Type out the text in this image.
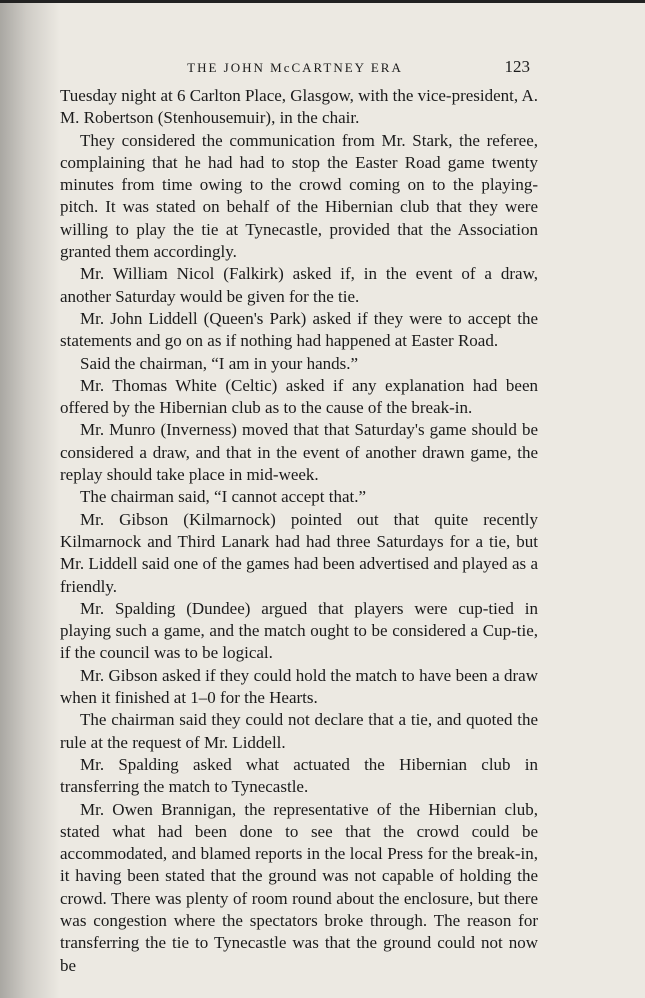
THE JOHN McCARTNEY ERA	123

Tuesday night at 6 Carlton Place, Glasgow, with the vice-president, A. M. Robertson (Stenhousemuir), in the chair.

They considered the communication from Mr. Stark, the referee, complaining that he had had to stop the Easter Road game twenty minutes from time owing to the crowd coming on to the playing-pitch. It was stated on behalf of the Hibernian club that they were willing to play the tie at Tynecastle, provided that the Association granted them accordingly.

Mr. William Nicol (Falkirk) asked if, in the event of a draw, another Saturday would be given for the tie.

Mr. John Liddell (Queen's Park) asked if they were to accept the statements and go on as if nothing had happened at Easter Road.

Said the chairman, “I am in your hands.”

Mr. Thomas White (Celtic) asked if any explanation had been offered by the Hibernian club as to the cause of the break-in.

Mr. Munro (Inverness) moved that that Saturday's game should be considered a draw, and that in the event of another drawn game, the replay should take place in mid-week.

The chairman said, “I cannot accept that.”

Mr. Gibson (Kilmarnock) pointed out that quite recently Kilmarnock and Third Lanark had had three Saturdays for a tie, but Mr. Liddell said one of the games had been advertised and played as a friendly.

Mr. Spalding (Dundee) argued that players were cup-tied in playing such a game, and the match ought to be considered a Cup-tie, if the council was to be logical.

Mr. Gibson asked if they could hold the match to have been a draw when it finished at 1–0 for the Hearts.

The chairman said they could not declare that a tie, and quoted the rule at the request of Mr. Liddell.

Mr. Spalding asked what actuated the Hibernian club in transferring the match to Tynecastle.

Mr. Owen Brannigan, the representative of the Hibernian club, stated what had been done to see that the crowd could be accommodated, and blamed reports in the local Press for the break-in, it having been stated that the ground was not capable of holding the crowd. There was plenty of room round about the enclosure, but there was congestion where the spectators broke through. The reason for transferring the tie to Tynecastle was that the ground could not now be
